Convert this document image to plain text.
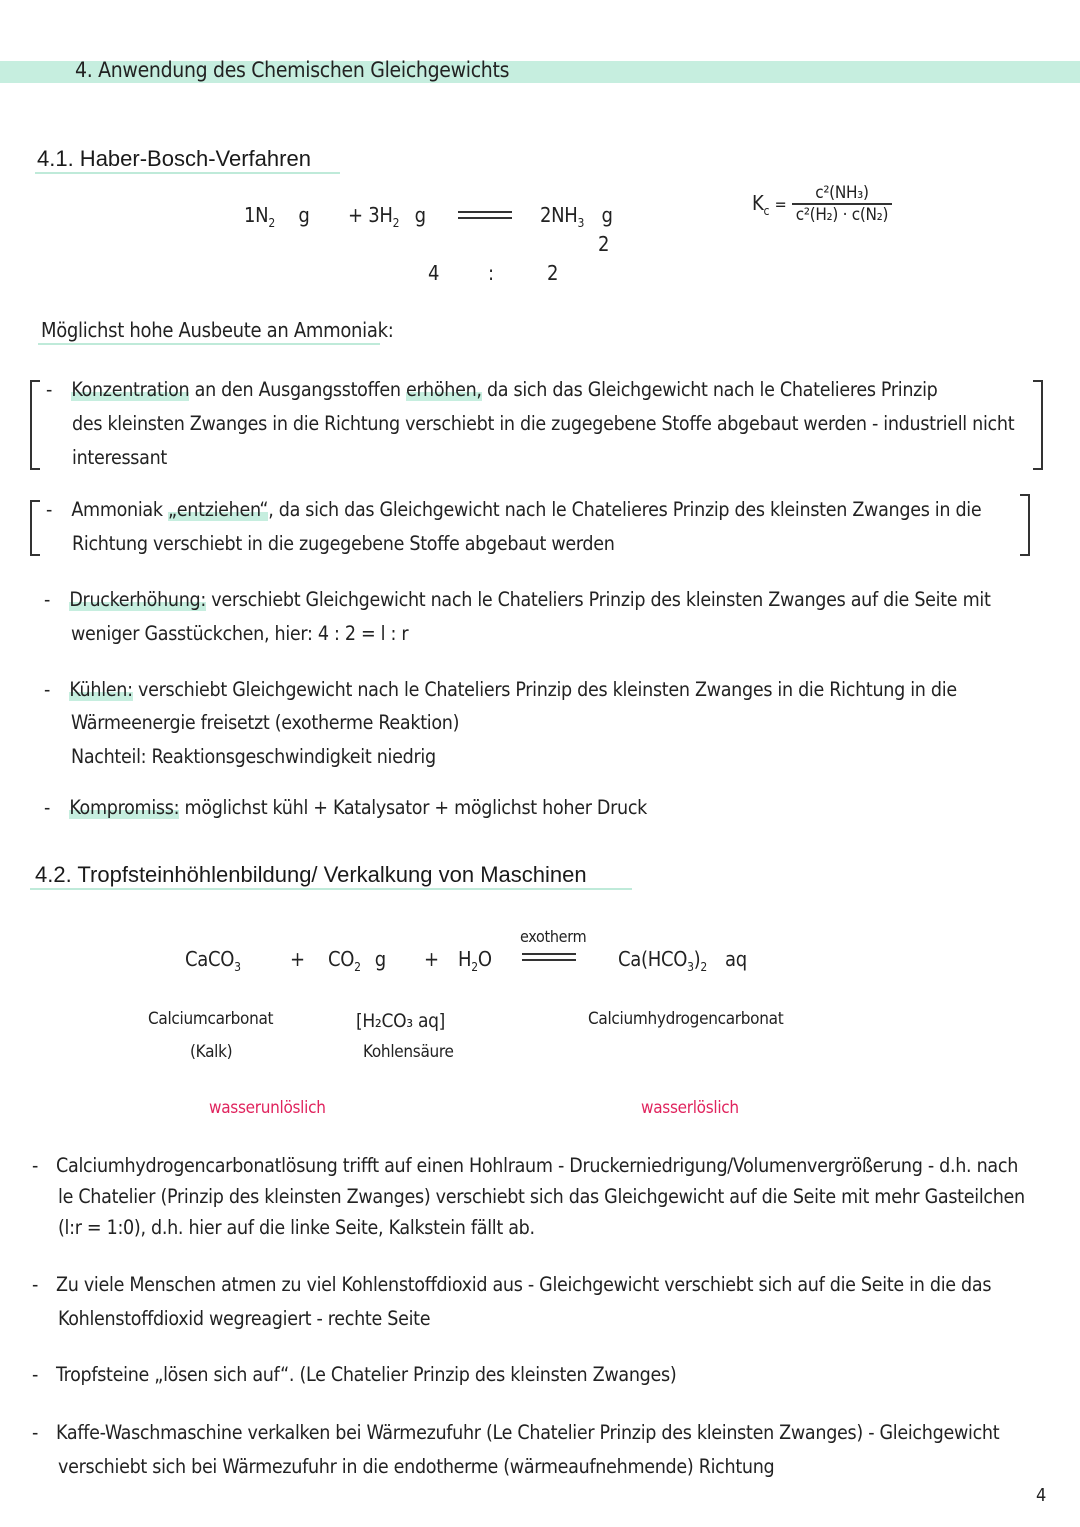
4. Anwendung des Chemischen Gleichgewichts
4.1. Haber-Bosch-Verfahren
$1N_2$ $g + 3H_2$ g	$2NH_3$ g
2
4 :	2
$K_c = \frac{\text{c²(NH₃)}}{\text{c²(H₂) · c(N₂)}}$
Möglichst hohe Ausbeute an Ammoniak:
- Konzentration an den Ausgangsstoffen erhöhen, da sich das Gleichgewicht nach le Chatelieres Prinzip
des kleinsten Zwanges in die Richtung verschiebt in die zugegebene Stoffe abgebaut werden - industriell nicht
interessant
- Ammoniak „entziehen“, da sich das Gleichgewicht nach le Chatelieres Prinzip des kleinsten Zwanges in die
Richtung verschiebt in die zugegebene Stoffe abgebaut werden
- Druckerhöhung: verschiebt Gleichgewicht nach le Chateliers Prinzip des kleinsten Zwanges auf die Seite mit
weniger Gasstückchen, hier: 4 : 2 = l : r
- Kühlen: verschiebt Gleichgewicht nach le Chateliers Prinzip des kleinsten Zwanges in die Richtung in die
Wärmeenergie freisetzt (exotherme Reaktion)
Nachteil: Reaktionsgeschwindigkeit niedrig
- Kompromiss: möglichst kühl + Katalysator + möglichst hoher Druck
4.2. Tropfsteinhöhlenbildung/ Verkalkung von Maschinen
CaCO$_3$ + $CO_2$ $g + H_2O$
exotherm
$Ca(HCO_3)_2$ aq
Calciumcarbonat
(Kalk)
[H₂CO₃ aq]
Kohlensäure
Calciumhydrogencarbonat
wasserunlöslich	wasserlöslich
- Calciumhydrogencarbonatlösung trifft auf einen Hohlraum - Druckerniedrigung/Volumenvergrößerung - d.h. nach
le Chatelier (Prinzip des kleinsten Zwanges) verschiebt sich das Gleichgewicht auf die Seite mit mehr Gasteilchen
(l:r = 1:0), d.h. hier auf die linke Seite, Kalkstein fällt ab.
- Zu viele Menschen atmen zu viel Kohlenstoffdioxid aus - Gleichgewicht verschiebt sich auf die Seite in die das
Kohlenstoffdioxid wegreagiert - rechte Seite
- Tropfsteine „lösen sich auf“. (Le Chatelier Prinzip des kleinsten Zwanges)
- Kaffe-Waschmaschine verkalken bei Wärmezufuhr (Le Chatelier Prinzip des kleinsten Zwanges) - Gleichgewicht
verschiebt sich bei Wärmezufuhr in die endotherme (wärmeaufnehmende) Richtung
4
